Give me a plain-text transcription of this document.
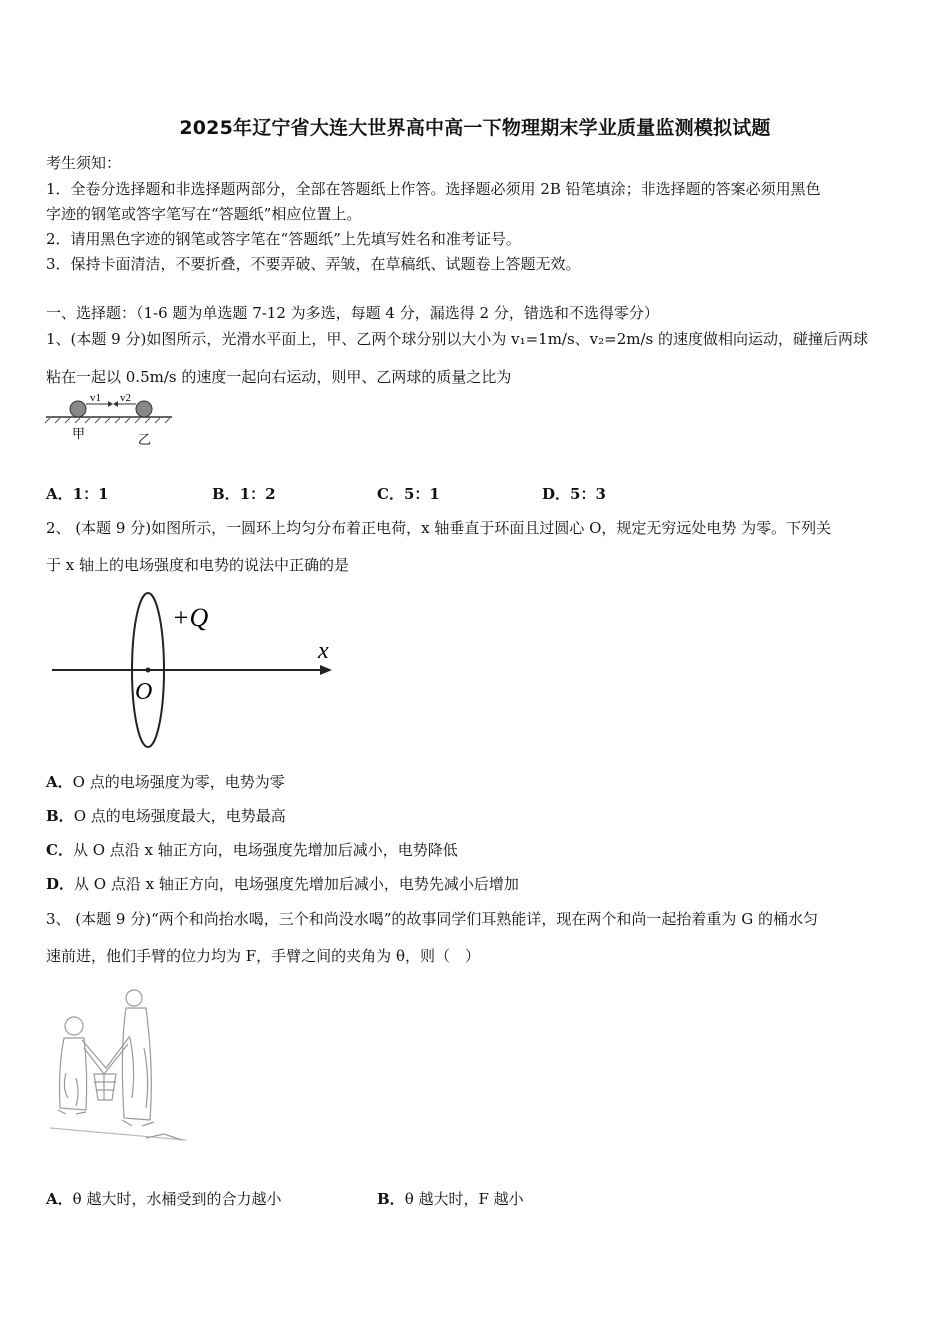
2025年辽宁省大连大世界高中高一下物理期末学业质量监测模拟试题
考生须知：
1．全卷分选择题和非选择题两部分，全部在答题纸上作答。选择题必须用 2B 铅笔填涂；非选择题的答案必须用黑色
字迹的钢笔或答字笔写在“答题纸”相应位置上。
2．请用黑色字迹的钢笔或答字笔在“答题纸”上先填写姓名和准考证号。
3．保持卡面清洁，不要折叠，不要弄破、弄皱，在草稿纸、试题卷上答题无效。
一、选择题：（1-6 题为单选题 7-12 为多选，每题 4 分，漏选得 2 分，错选和不选得零分）
1、(本题 9 分)如图所示，光滑水平面上，甲、乙两个球分别以大小为 v₁=1m/s、v₂=2m/s 的速度做相向运动，碰撞后两球
粘在一起以 0.5m/s 的速度一起向右运动，则甲、乙两球的质量之比为
v1 v2
甲	乙
A．1：1	B．1：2	C．5：1	D．5：3
2、 (本题 9 分)如图所示，一圆环上均匀分布着正电荷，x 轴垂直于环面且过圆心 O，规定无穷远处电势 为零。下列关
于 x 轴上的电场强度和电势的说法中正确的是
+Q
x
O
A．O 点的电场强度为零，电势为零
B．O 点的电场强度最大，电势最高
C．从 O 点沿 x 轴正方向，电场强度先增加后减小，电势降低
D．从 O 点沿 x 轴正方向，电场强度先增加后减小，电势先减小后增加
3、 (本题 9 分)“两个和尚抬水喝，三个和尚没水喝”的故事同学们耳熟能详，现在两个和尚一起抬着重为 G 的桶水匀
速前进，他们手臂的位力均为 F，手臂之间的夹角为 θ，则（　）
A．θ 越大时，水桶受到的合力越小	B．θ 越大时，F 越小
